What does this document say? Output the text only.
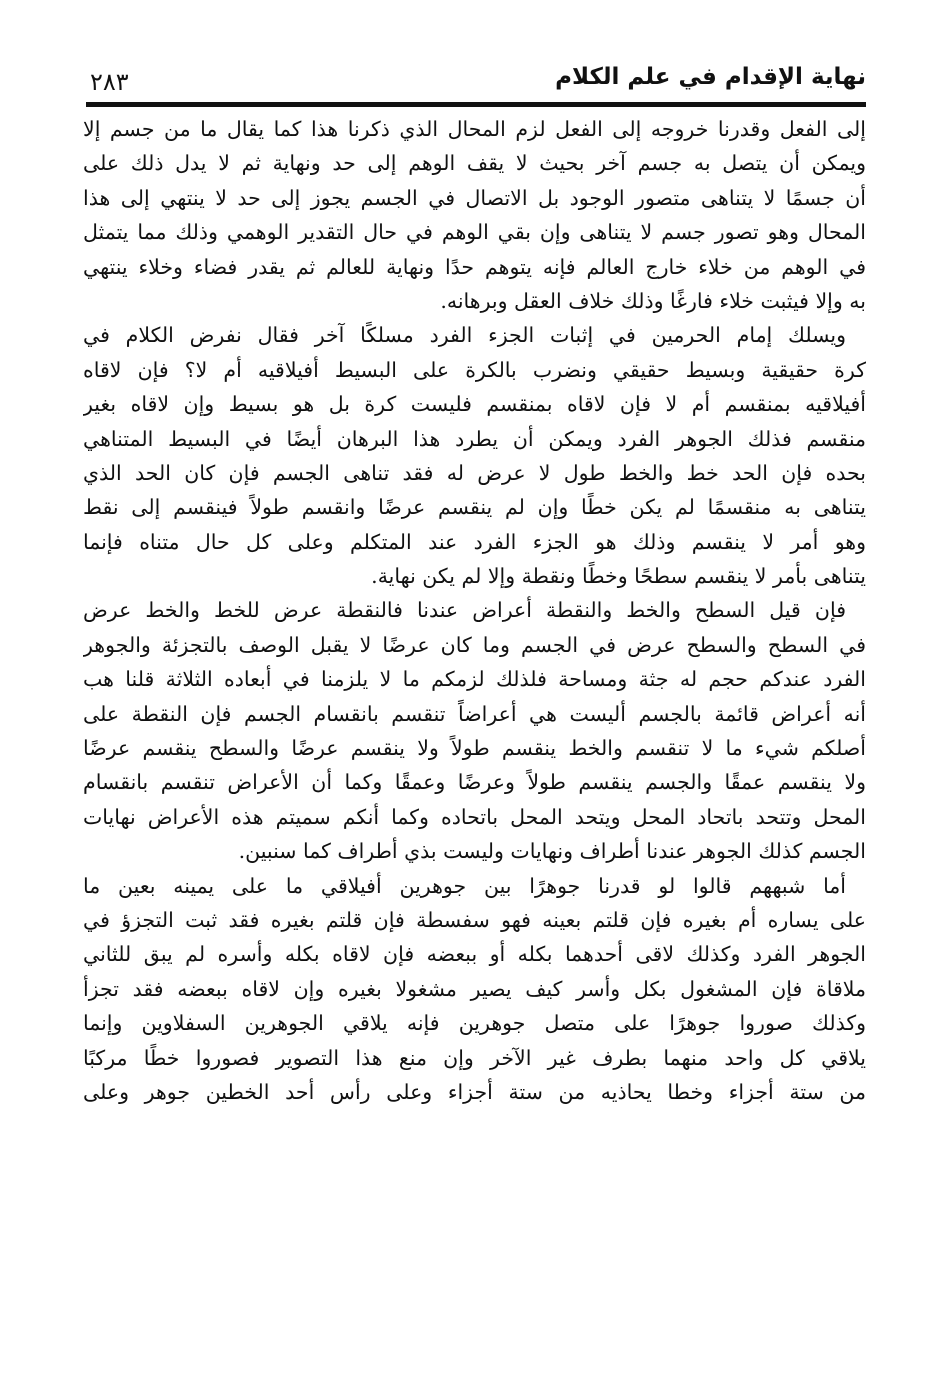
نهاية الإقدام في علم الكلام
٢٨٣
إلى الفعل وقدرنا خروجه إلى الفعل لزم المحال الذي ذكرنا هذا كما يقال ما من جسم إلا
ويمكن أن يتصل به جسم آخر بحيث لا يقف الوهم إلى حد ونهاية ثم لا يدل ذلك على
أن جسمًا لا يتناهى متصور الوجود بل الاتصال في الجسم يجوز إلى حد لا ينتهي إلى هذا
المحال وهو تصور جسم لا يتناهى وإن بقي الوهم في حال التقدير الوهمي وذلك مما يتمثل
في الوهم من خلاء خارج العالم فإنه يتوهم حدًا ونهاية للعالم ثم يقدر فضاء وخلاء ينتهي
به وإلا فيثبت خلاء فارغًا وذلك خلاف العقل وبرهانه.
ويسلك إمام الحرمين في إثبات الجزء الفرد مسلكًا آخر فقال نفرض الكلام في
كرة حقيقية وبسيط حقيقي ونضرب بالكرة على البسيط أفيلاقيه أم لا؟ فإن لاقاه
أفيلاقيه بمنقسم أم لا فإن لاقاه بمنقسم فليست كرة بل هو بسيط وإن لاقاه بغير
منقسم فذلك الجوهر الفرد ويمكن أن يطرد هذا البرهان أيضًا في البسيط المتناهي
بحده فإن الحد خط والخط طول لا عرض له فقد تناهى الجسم فإن كان الحد الذي
يتناهى به منقسمًا لم يكن خطًا وإن لم ينقسم عرضًا وانقسم طولاً فينقسم إلى نقط
وهو أمر لا ينقسم وذلك هو الجزء الفرد عند المتكلم وعلى كل حال متناه فإنما
يتناهى بأمر لا ينقسم سطحًا وخطًا ونقطة وإلا لم يكن نهاية.
فإن قيل السطح والخط والنقطة أعراض عندنا فالنقطة عرض للخط والخط عرض
في السطح والسطح عرض في الجسم وما كان عرضًا لا يقبل الوصف بالتجزئة والجوهر
الفرد عندكم حجم له جثة ومساحة فلذلك لزمكم ما لا يلزمنا في أبعاده الثلاثة قلنا هب
أنه أعراض قائمة بالجسم أليست هي أعراضاً تنقسم بانقسام الجسم فإن النقطة على
أصلكم شيء ما لا تنقسم والخط ينقسم طولاً ولا ينقسم عرضًا والسطح ينقسم عرضًا
ولا ينقسم عمقًا والجسم ينقسم طولاً وعرضًا وعمقًا وكما أن الأعراض تنقسم بانقسام
المحل وتتحد باتحاد المحل ويتحد المحل باتحاده وكما أنكم سميتم هذه الأعراض نهايات
الجسم كذلك الجوهر عندنا أطراف ونهايات وليست بذي أطراف كما سنبين.
أما شبههم قالوا لو قدرنا جوهرًا بين جوهرين أفيلاقي ما على يمينه بعين ما
على يساره أم بغيره فإن قلتم بعينه فهو سفسطة فإن قلتم بغيره فقد ثبت التجزؤ في
الجوهر الفرد وكذلك لاقى أحدهما بكله أو ببعضه فإن لاقاه بكله وأسره لم يبق للثاني
ملاقاة فإن المشغول بكل وأسر كيف يصير مشغولا بغيره وإن لاقاه ببعضه فقد تجزأ
وكذلك صوروا جوهرًا على متصل جوهرين فإنه يلاقي الجوهرين السفلاوين وإنما
يلاقي كل واحد منهما بطرف غير الآخر وإن منع هذا التصوير فصوروا خطًا مركبًا
من ستة أجزاء وخطا يحاذيه من ستة أجزاء وعلى رأس أحد الخطين جوهر وعلى
